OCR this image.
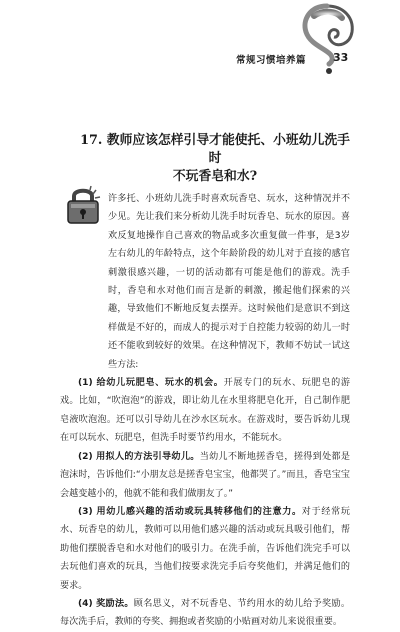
常规习惯培养篇 33
17. 教师应该怎样引导才能使托、小班幼儿洗手时
不玩香皂和水?

许多托、小班幼儿洗手时喜欢玩香皂、玩水，这种情况并不少见。先让我们来分析幼儿洗手时玩香皂、玩水的原因。喜欢反复地操作自己喜欢的物品或多次重复做一件事，是3岁左右幼儿的年龄特点，这个年龄阶段的幼儿对于直接的感官刺激很感兴趣，一切的活动都有可能是他们的游戏。洗手时，香皂和水对他们而言是新的刺激，搬起他们探索的兴趣，导致他们不断地反复去摆弄。这时候他们是意识不到这样做是不好的，而成人的提示对于自控能力较弱的幼儿一时还不能收到较好的效果。在这种情况下，教师不妨试一试这些方法:

(1) 给幼儿玩肥皂、玩水的机会。开展专门的玩水、玩肥皂的游戏。比如，“吹泡泡”的游戏，即让幼儿在水里将肥皂化开，自己制作肥皂液吹泡泡。还可以引导幼儿在沙水区玩水。在游戏时，要告诉幼儿现在可以玩水、玩肥皂，但洗手时要节约用水，不能玩水。

(2) 用拟人的方法引导幼儿。当幼儿不断地搓香皂，搓得到处都是泡沫时，告诉他们:“小朋友总是搓香皂宝宝，他都哭了。”而且，香皂宝宝会越变越小的，他就不能和我们做朋友了。”

(3) 用幼儿感兴趣的活动或玩具转移他们的注意力。对于经常玩水、玩香皂的幼儿，教师可以用他们感兴趣的活动或玩具吸引他们，帮助他们摆脱香皂和水对他们的吸引力。在洗手前，告诉他们洗完手可以去玩他们喜欢的玩具，当他们按要求洗完手后夸奖他们，并满足他们的要求。

(4) 奖励法。顾名思义，对不玩香皂、节约用水的幼儿给予奖励。每次洗手后，教师的夸奖、拥抱或者奖励的小贴画对幼儿来说很重要。
